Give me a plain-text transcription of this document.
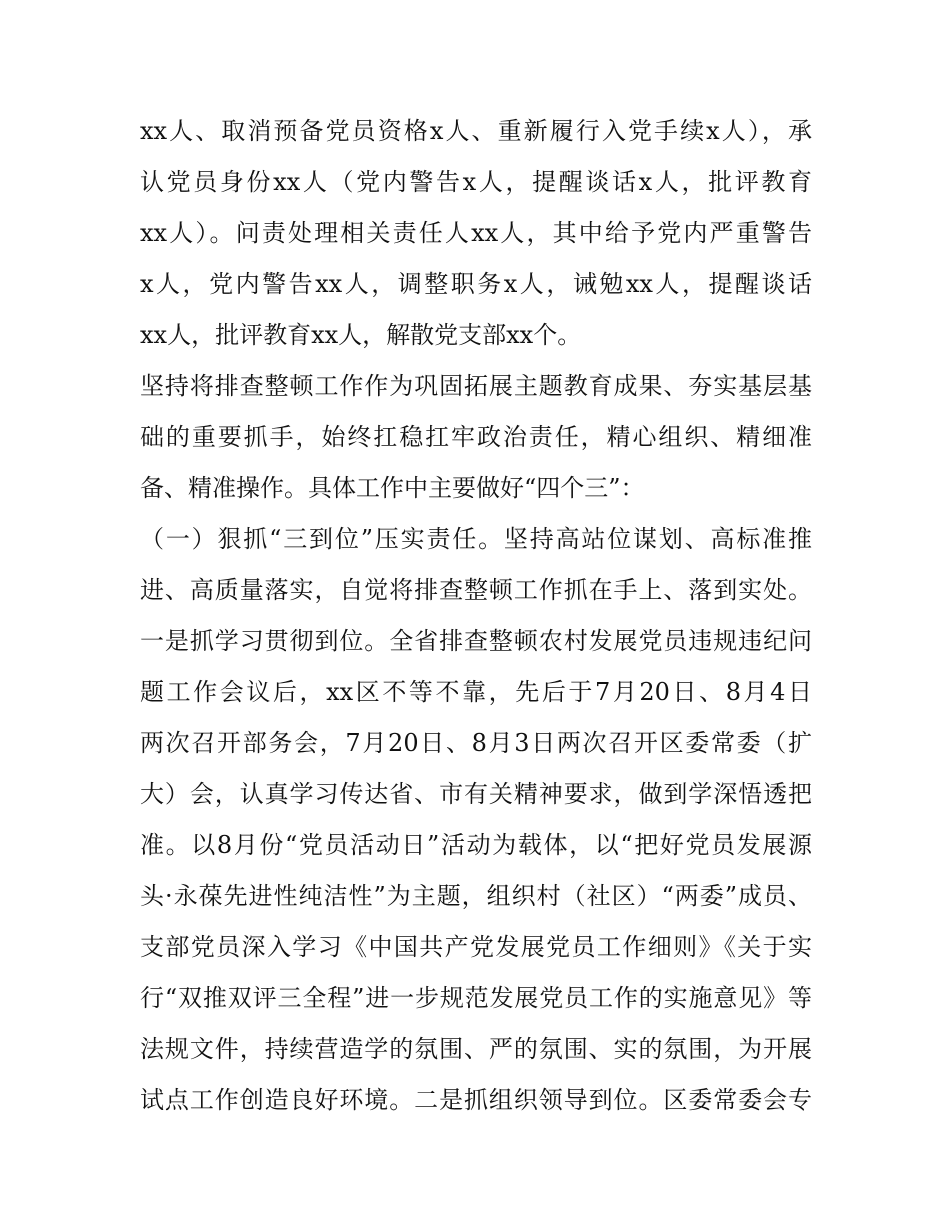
xx人、取消预备党员资格x人、重新履行入党手续x人），承
认党员身份xx人（党内警告x人，提醒谈话x人，批评教育
xx人）。问责处理相关责任人xx人，其中给予党内严重警告
x人，党内警告xx人，调整职务x人，诫勉xx人，提醒谈话
xx人，批评教育xx人，解散党支部xx个。
坚持将排查整顿工作作为巩固拓展主题教育成果、夯实基层基
础的重要抓手，始终扛稳扛牢政治责任，精心组织、精细准
备、精准操作。具体工作中主要做好“四个三”：
（一）狠抓“三到位”压实责任。坚持高站位谋划、高标准推
进、高质量落实，自觉将排查整顿工作抓在手上、落到实处。
一是抓学习贯彻到位。全省排查整顿农村发展党员违规违纪问
题工作会议后，xx区不等不靠，先后于7月20日、8月4日
两次召开部务会，7月20日、8月3日两次召开区委常委（扩
大）会，认真学习传达省、市有关精神要求，做到学深悟透把
准。以8月份“党员活动日”活动为载体，以“把好党员发展源
头·永葆先进性纯洁性”为主题，组织村（社区）“两委”成员、
支部党员深入学习《中国共产党发展党员工作细则》《关于实
行“双推双评三全程”进一步规范发展党员工作的实施意见》等
法规文件，持续营造学的氛围、严的氛围、实的氛围，为开展
试点工作创造良好环境。二是抓组织领导到位。区委常委会专
